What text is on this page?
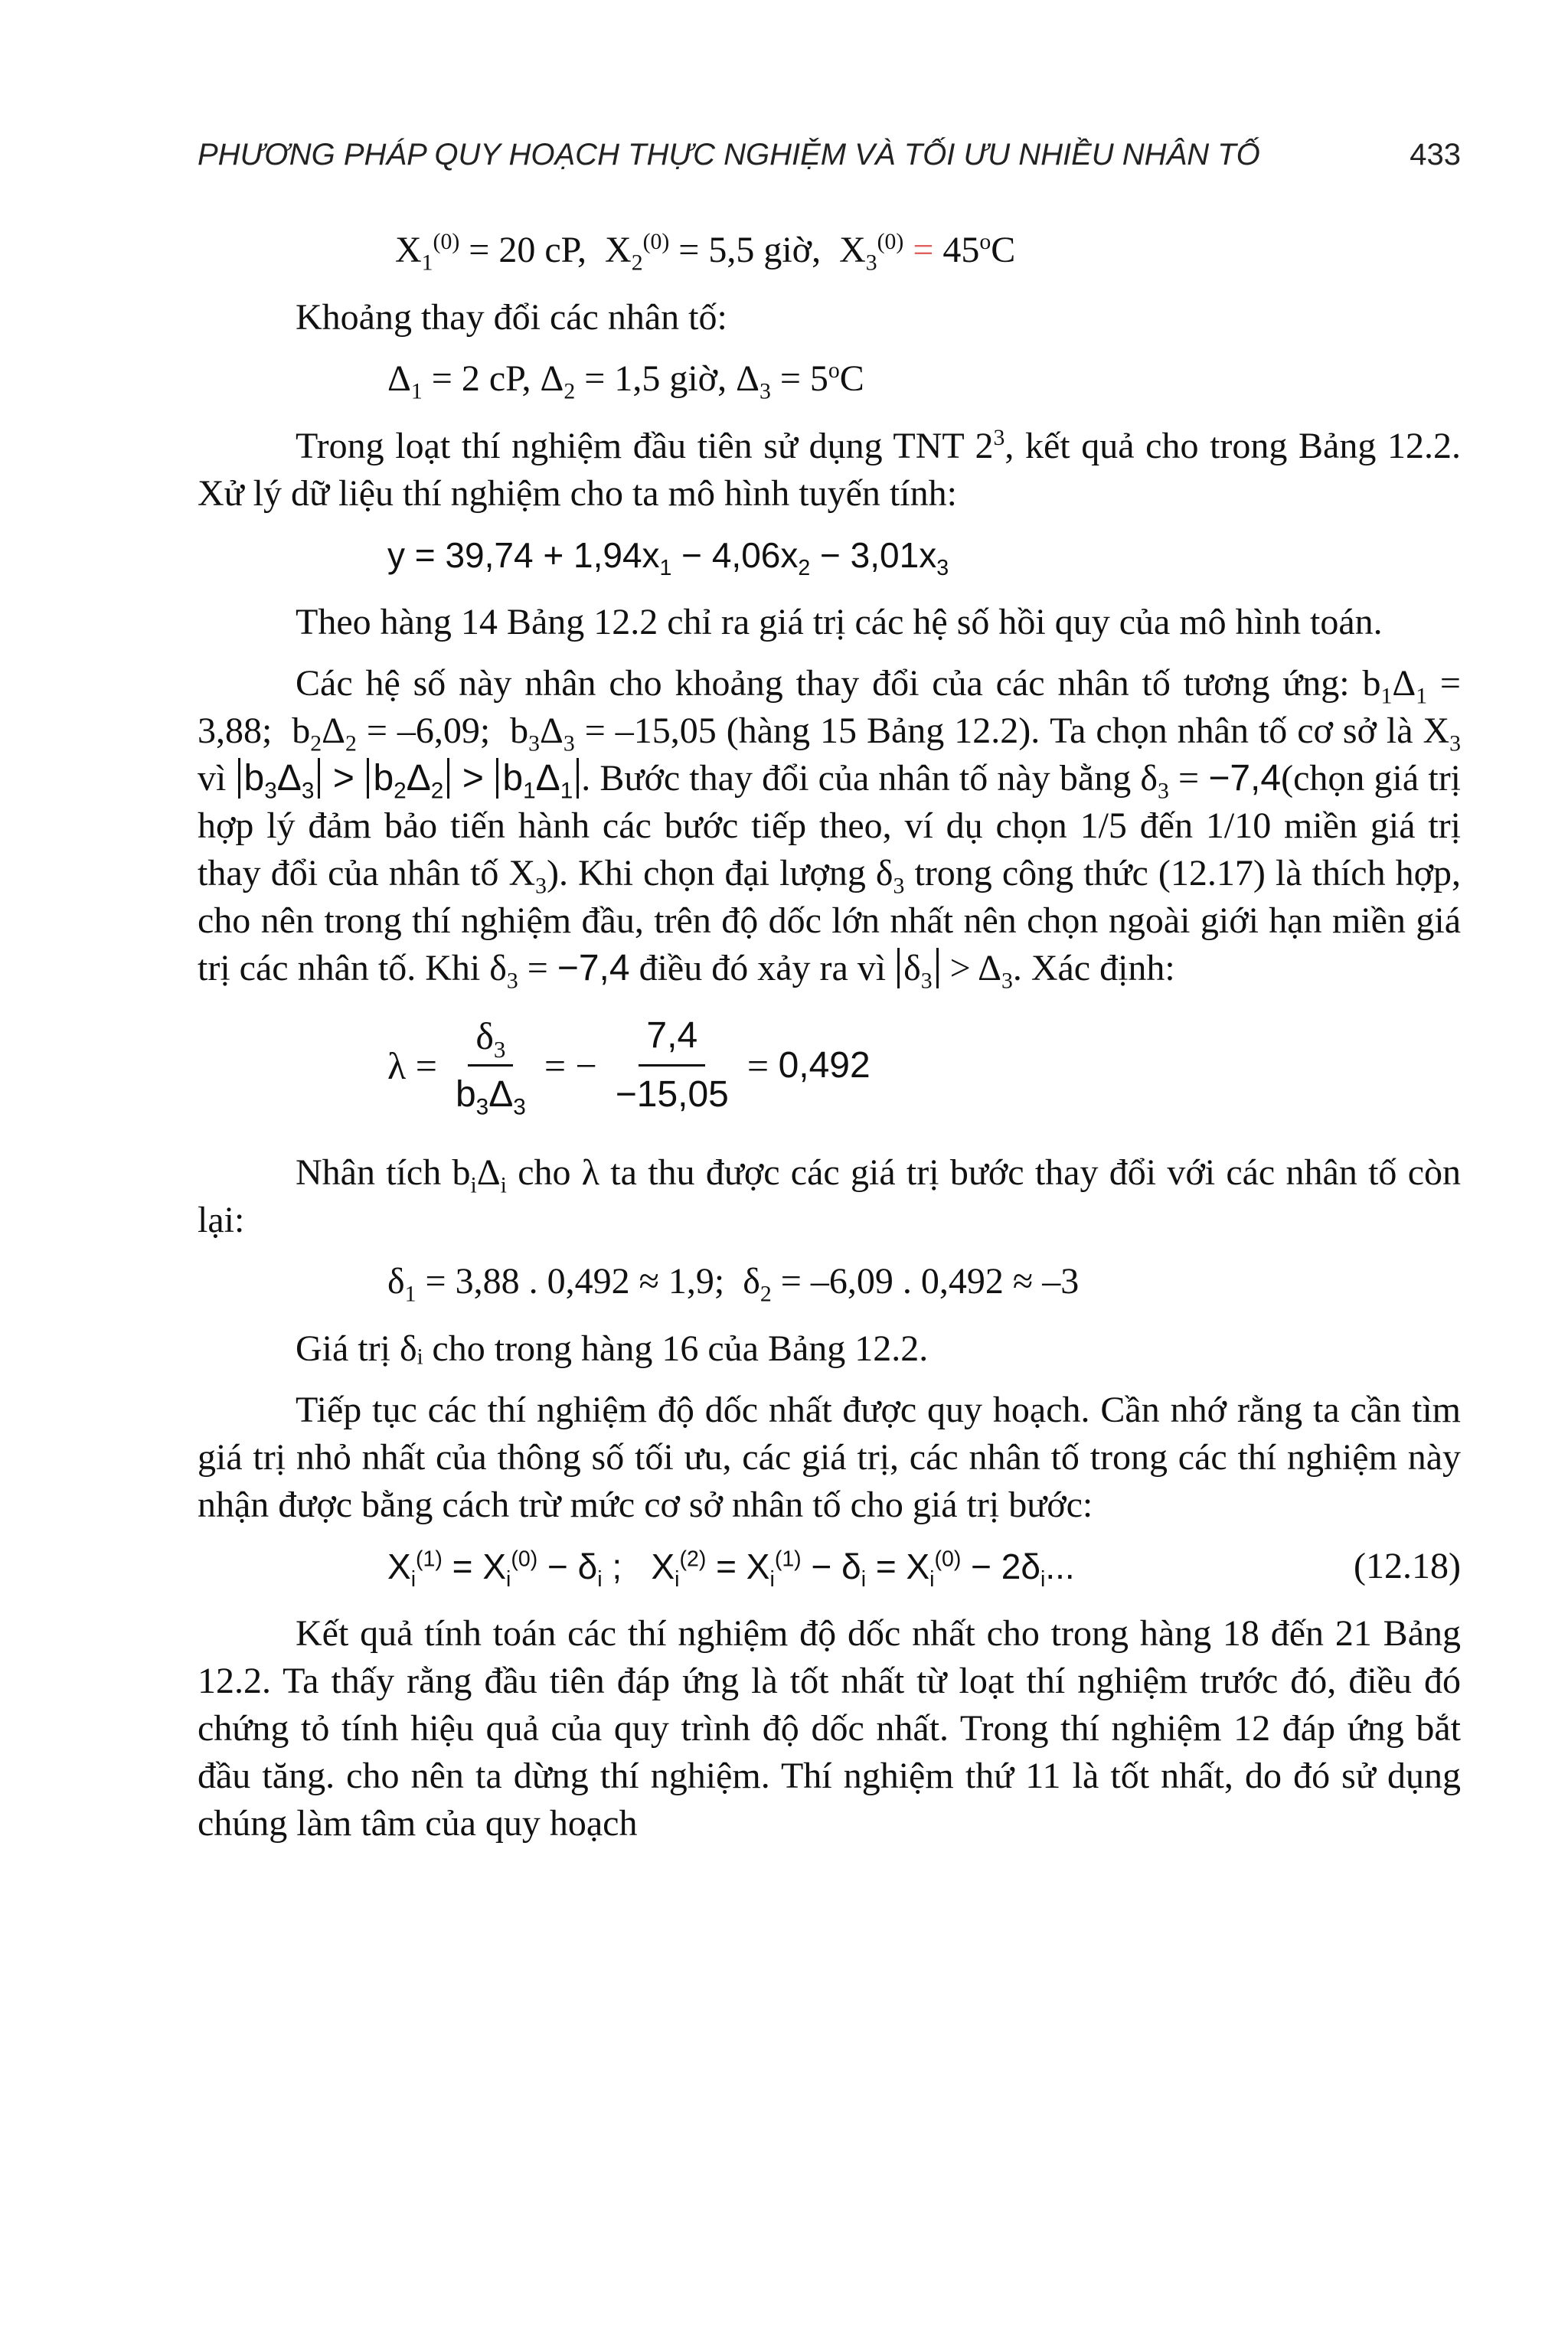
PHƯƠNG PHÁP QUY HOẠCH THỰC NGHIỆM VÀ TỐI ƯU NHIỀU NHÂN TỐ	433
$X_1^{(0)} = 20$ cP,  $X_2^{(0)} = 5,5$ giờ,  $X_3^{(0)} = 45^oC$

Khoảng thay đổi các nhân tố:

$\Delta_1 = 2$ cP, $\Delta_2 = 1,5$ giờ, $\Delta_3 = 5^oC$

Trong loạt thí nghiệm đầu tiên sử dụng TNT $2^3$, kết quả cho trong Bảng 12.2. Xử lý dữ liệu thí nghiệm cho ta mô hình tuyến tính:

$y = 39,74 + 1,94x_1 - 4,06x_2 - 3,01x_3$

Theo hàng 14 Bảng 12.2 chỉ ra giá trị các hệ số hồi quy của mô hình toán.

Các hệ số này nhân cho khoảng thay đổi của các nhân tố tương ứng: $b_1\Delta_1 = 3,88$;  $b_2\Delta_2 = -6,09$;  $b_3\Delta_3 = -15,05$ (hàng 15 Bảng 12.2). Ta chọn nhân tố cơ sở là $X_3$ vì $b_3\Delta_3 > b_2\Delta_2 > b_1\Delta_1$ . Bước thay đổi của nhân tố này bằng $\delta_3$ = −7,4(chọn giá trị hợp lý đảm bảo tiến hành các bước tiếp theo, ví dụ chọn 1/5 đến 1/10 miền giá trị thay đổi của nhân tố $X_3$). Khi chọn đại lượng $\delta_3$ trong công thức (12.17) là thích hợp, cho nên trong thí nghiệm đầu, trên độ dốc lớn nhất nên chọn ngoài giới hạn miền giá trị các nhân tố. Khi $\delta_3 = -7,4$ điều đó xảy ra vì $\delta_3 > \Delta_3$. Xác định:

$\lambda = \frac{\delta_3}{b_3\Delta_3}$ = − $\frac{7,4}{-15,05} = 0,492$

Nhân tích $b_i\Delta_i$ cho λ ta thu được các giá trị bước thay đổi với các nhân tố còn lại:

$\delta_1 = 3,88$ . 0,492 ≈ 1,9;  $\delta_2 = -6,09$ . 0,492 ≈ –3

Giá trị δᵢ cho trong hàng 16 của Bảng 12.2.

Tiếp tục các thí nghiệm độ dốc nhất được quy hoạch. Cần nhớ rằng ta cần tìm giá trị nhỏ nhất của thông số tối ưu, các giá trị, các nhân tố trong các thí nghiệm này nhận được bằng cách trừ mức cơ sở nhân tố cho giá trị bước:

$X_i^{(1)} = X_i^{(0)} - \delta_i$ ;   $X_i^{(2)} = X_i^{(1)} - \delta_i = X_i^{(0)} - 2\delta_i$...	(12.18)

Kết quả tính toán các thí nghiệm độ dốc nhất cho trong hàng 18 đến 21 Bảng 12.2. Ta thấy rằng đầu tiên đáp ứng là tốt nhất từ loạt thí nghiệm trước đó, điều đó chứng tỏ tính hiệu quả của quy trình độ dốc nhất. Trong thí nghiệm 12 đáp ứng bắt đầu tăng. cho nên ta dừng thí nghiệm. Thí nghiệm thứ 11 là tốt nhất, do đó sử dụng chúng làm tâm của quy hoạch
